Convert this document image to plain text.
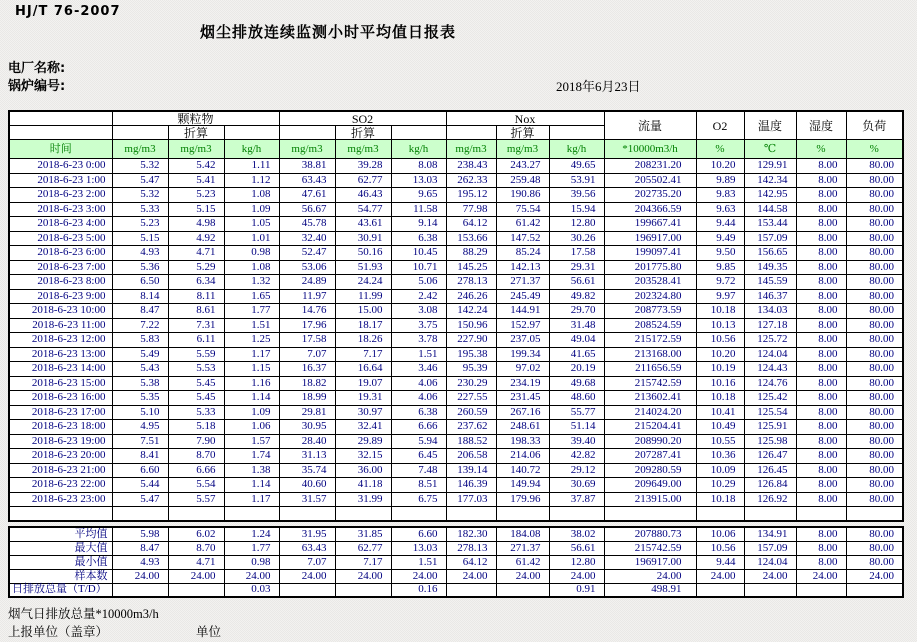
HJ/T 76-2007
烟尘排放连续监测小时平均值日报表
电厂名称:
锅炉编号:	2018年6月23日
	颗粒物			SO2			Nox			流量	O2	温度	湿度	负荷
		折算			折算			折算						
时间	mg/m3	mg/m3	kg/h	mg/m3	mg/m3	kg/h	mg/m3	mg/m3	kg/h	*10000m3/h	%	℃	%	%
2018-6-23 0:00	5.32	5.42	1.11	38.81	39.28	8.08	238.43	243.27	49.65	208231.20	10.20	129.91	8.00	80.00
2018-6-23 1:00	5.47	5.41	1.12	63.43	62.77	13.03	262.33	259.48	53.91	205502.41	9.89	142.34	8.00	80.00
2018-6-23 2:00	5.32	5.23	1.08	47.61	46.43	9.65	195.12	190.86	39.56	202735.20	9.83	142.95	8.00	80.00
2018-6-23 3:00	5.33	5.15	1.09	56.67	54.77	11.58	77.98	75.54	15.94	204366.59	9.63	144.58	8.00	80.00
2018-6-23 4:00	5.23	4.98	1.05	45.78	43.61	9.14	64.12	61.42	12.80	199667.41	9.44	153.44	8.00	80.00
2018-6-23 5:00	5.15	4.92	1.01	32.40	30.91	6.38	153.66	147.52	30.26	196917.00	9.49	157.09	8.00	80.00
2018-6-23 6:00	4.93	4.71	0.98	52.47	50.16	10.45	88.29	85.24	17.58	199097.41	9.50	156.65	8.00	80.00
2018-6-23 7:00	5.36	5.29	1.08	53.06	51.93	10.71	145.25	142.13	29.31	201775.80	9.85	149.35	8.00	80.00
2018-6-23 8:00	6.50	6.34	1.32	24.89	24.24	5.06	278.13	271.37	56.61	203528.41	9.72	145.59	8.00	80.00
2018-6-23 9:00	8.14	8.11	1.65	11.97	11.99	2.42	246.26	245.49	49.82	202324.80	9.97	146.37	8.00	80.00
2018-6-23 10:00	8.47	8.61	1.77	14.76	15.00	3.08	142.24	144.91	29.70	208773.59	10.18	134.03	8.00	80.00
2018-6-23 11:00	7.22	7.31	1.51	17.96	18.17	3.75	150.96	152.97	31.48	208524.59	10.13	127.18	8.00	80.00
2018-6-23 12:00	5.83	6.11	1.25	17.58	18.26	3.78	227.90	237.05	49.04	215172.59	10.56	125.72	8.00	80.00
2018-6-23 13:00	5.49	5.59	1.17	7.07	7.17	1.51	195.38	199.34	41.65	213168.00	10.20	124.04	8.00	80.00
2018-6-23 14:00	5.43	5.53	1.15	16.37	16.64	3.46	95.39	97.02	20.19	211656.59	10.19	124.43	8.00	80.00
2018-6-23 15:00	5.38	5.45	1.16	18.82	19.07	4.06	230.29	234.19	49.68	215742.59	10.16	124.76	8.00	80.00
2018-6-23 16:00	5.35	5.45	1.14	18.99	19.31	4.06	227.55	231.45	48.60	213602.41	10.18	125.42	8.00	80.00
2018-6-23 17:00	5.10	5.33	1.09	29.81	30.97	6.38	260.59	267.16	55.77	214024.20	10.41	125.54	8.00	80.00
2018-6-23 18:00	4.95	5.18	1.06	30.95	32.41	6.66	237.62	248.61	51.14	215204.41	10.49	125.91	8.00	80.00
2018-6-23 19:00	7.51	7.90	1.57	28.40	29.89	5.94	188.52	198.33	39.40	208990.20	10.55	125.98	8.00	80.00
2018-6-23 20:00	8.41	8.70	1.74	31.13	32.15	6.45	206.58	214.06	42.82	207287.41	10.36	126.47	8.00	80.00
2018-6-23 21:00	6.60	6.66	1.38	35.74	36.00	7.48	139.14	140.72	29.12	209280.59	10.09	126.45	8.00	80.00
2018-6-23 22:00	5.44	5.54	1.14	40.60	41.18	8.51	146.39	149.94	30.69	209649.00	10.29	126.84	8.00	80.00
2018-6-23 23:00	5.47	5.57	1.17	31.57	31.99	6.75	177.03	179.96	37.87	213915.00	10.18	126.92	8.00	80.00

平均值	5.98	6.02	1.24	31.95	31.85	6.60	182.30	184.08	38.02	207880.73	10.06	134.91	8.00	80.00
最大值	8.47	8.70	1.77	63.43	62.77	13.03	278.13	271.37	56.61	215742.59	10.56	157.09	8.00	80.00
最小值	4.93	4.71	0.98	7.07	7.17	1.51	64.12	61.42	12.80	196917.00	9.44	124.04	8.00	80.00
样本数	24.00	24.00	24.00	24.00	24.00	24.00	24.00	24.00	24.00	24.00	24.00	24.00	24.00	24.00
日排放总量（T/D）			0.03			0.16			0.91	498.91				
烟气日排放总量*10000m3/h
上报单位（盖章）	单位
